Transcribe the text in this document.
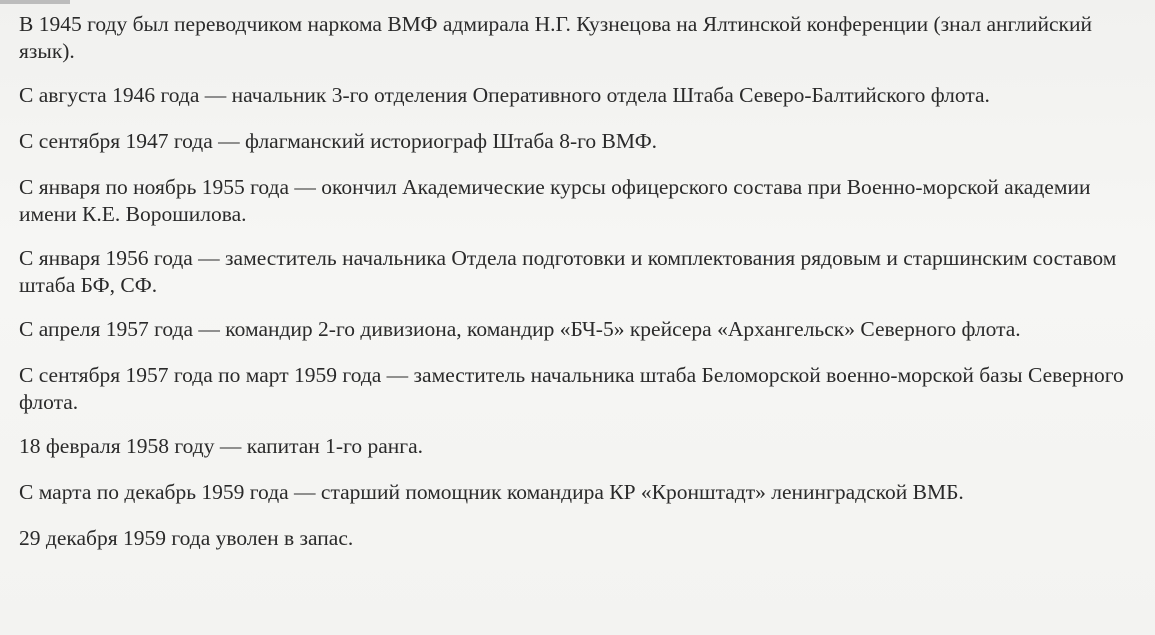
В 1945 году был переводчиком наркома ВМФ адмирала Н.Г. Кузнецова на Ялтинской конференции (знал английский язык).

С августа 1946 года — начальник 3-го отделения Оперативного отдела Штаба Северо-Балтийского флота.

С сентября 1947 года — флагманский историограф Штаба 8-го ВМФ.

С января по ноябрь 1955 года — окончил Академические курсы офицерского состава при Военно-морской академии имени К.Е. Ворошилова.

С января 1956 года — заместитель начальника Отдела подготовки и комплектования рядовым и старшинским составом штаба БФ, СФ.

С апреля 1957 года — командир 2-го дивизиона, командир «БЧ-5» крейсера «Архангельск» Северного флота.

С сентября 1957 года по март 1959 года — заместитель начальника штаба Беломорской военно-морской базы Северного флота.

18 февраля 1958 году — капитан 1-го ранга.

С марта по декабрь 1959 года — старший помощник командира КР «Кронштадт» ленинградской ВМБ.

29 декабря 1959 года уволен в запас.
